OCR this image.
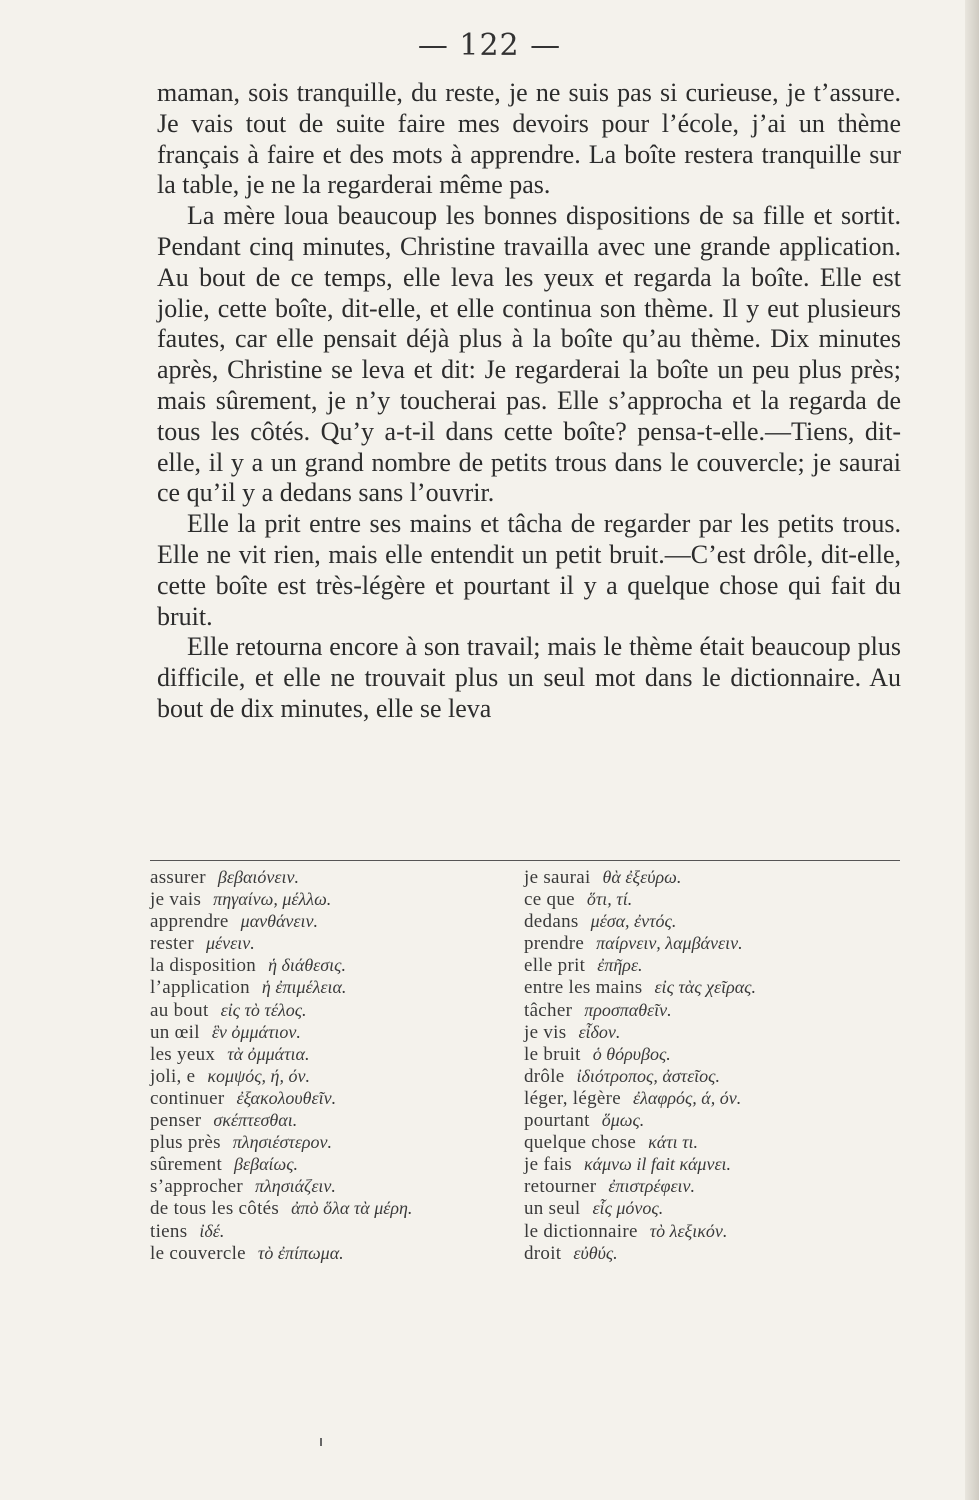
— 122 —

maman, sois tranquille, du reste, je ne suis pas si curieuse, je t’assure. Je vais tout de suite faire mes devoirs pour l’école, j’ai un thème français à faire et des mots à apprendre. La boîte restera tranquille sur la table, je ne la regarderai même pas.

La mère loua beaucoup les bonnes dispositions de sa fille et sortit. Pendant cinq minutes, Christine travailla avec une grande application. Au bout de ce temps, elle leva les yeux et regarda la boîte. Elle est jolie, cette boîte, dit-elle, et elle continua son thème. Il y eut plusieurs fautes, car elle pensait déjà plus à la boîte qu’au thème. Dix minutes après, Christine se leva et dit: Je regarderai la boîte un peu plus près; mais sûrement, je n’y toucherai pas. Elle s’approcha et la regarda de tous les côtés. Qu’y a-t-il dans cette boîte? pensa-t-elle.—Tiens, dit-elle, il y a un grand nombre de petits trous dans le couvercle; je saurai ce qu’il y a dedans sans l’ouvrir.

Elle la prit entre ses mains et tâcha de regarder par les petits trous. Elle ne vit rien, mais elle entendit un petit bruit.—C’est drôle, dit-elle, cette boîte est très-légère et pourtant il y a quelque chose qui fait du bruit.

Elle retourna encore à son travail; mais le thème était beaucoup plus difficile, et elle ne trouvait plus un seul mot dans le dictionnaire. Au bout de dix minutes, elle se leva

assurer βεβαιόνειν.
je vais πηγαίνω, μέλλω.
apprendre μανθάνειν.
rester μένειν.
la disposition ἡ διάθεσις.
l’application ἡ ἐπιμέλεια.
au bout εἰς τὸ τέλος.
un œil ἓν ὀμμάτιον.
les yeux τὰ ὀμμάτια.
joli, e κομψός, ή, όν.
continuer ἐξακολουθεῖν.
penser σκέπτεσθαι.
plus près πλησιέστερον.
sûrement βεβαίως.
s’approcher πλησιάζειν.
de tous les côtés ἀπὸ ὅλα τὰ μέρη.
tiens ἰδέ.
le couvercle τὸ ἐπίπωμα.
je saurai θὰ ἐξεύρω.
ce que ὅτι, τί.
dedans μέσα, ἐντός.
prendre παίρνειν, λαμβάνειν.
elle prit ἐπῆρε.
entre les mains εἰς τὰς χεῖρας.
tâcher προσπαθεῖν.
je vis εἶδον.
le bruit ὁ θόρυβος.
drôle ἰδιότροπος, ἀστεῖος.
léger, légère ἐλαφρός, ά, όν.
pourtant ὅμως.
quelque chose κάτι τι.
je fais κάμνω il fait κάμνει.
retourner ἐπιστρέφειν.
un seul εἷς μόνος.
le dictionnaire τὸ λεξικόν.
droit εὐθύς.
